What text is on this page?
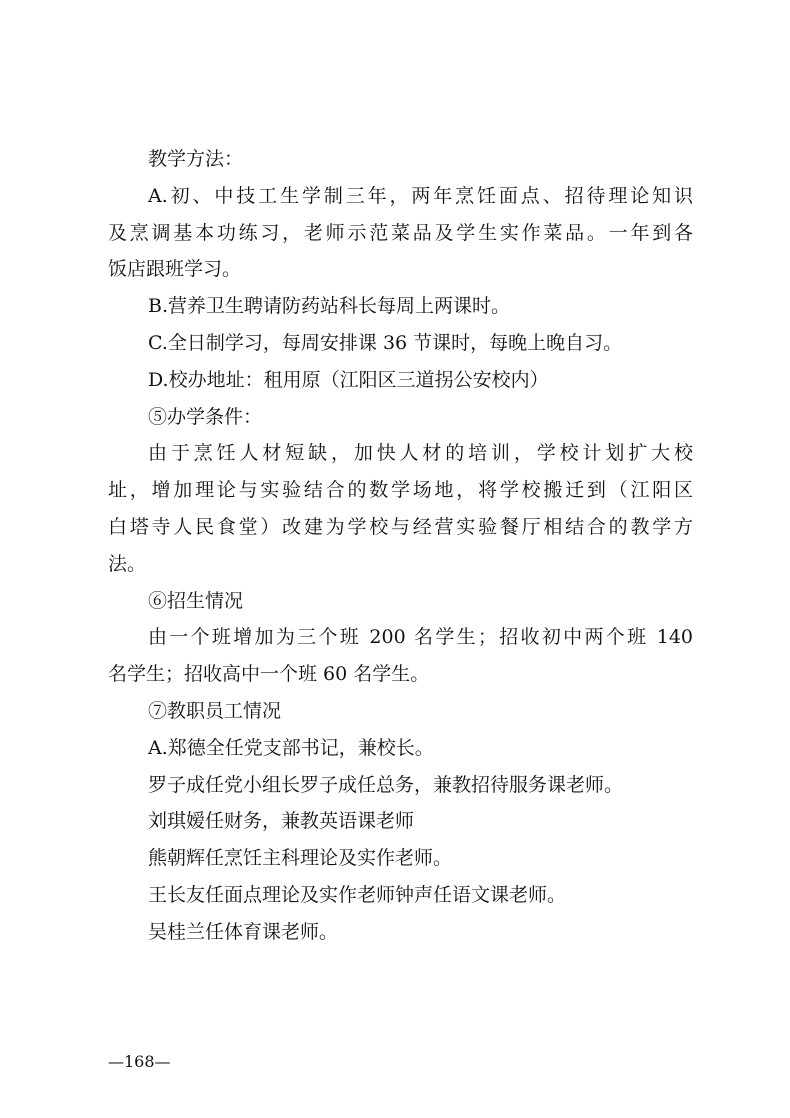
教学方法：
A.初、中技工生学制三年，两年烹饪面点、招待理论知识
及烹调基本功练习，老师示范菜品及学生实作菜品。一年到各
饭店跟班学习。
B.营养卫生聘请防药站科长每周上两课时。
C.全日制学习，每周安排课 36 节课时，每晚上晚自习。
D.校办地址：租用原（江阳区三道拐公安校内）
⑤办学条件：
由于烹饪人材短缺，加快人材的培训，学校计划扩大校
址，增加理论与实验结合的数学场地，将学校搬迁到（江阳区
白塔寺人民食堂）改建为学校与经营实验餐厅相结合的教学方
法。
⑥招生情况
由一个班增加为三个班 200 名学生；招收初中两个班 140
名学生；招收高中一个班 60 名学生。
⑦教职员工情况
A.郑德全任党支部书记，兼校长。
罗子成任党小组长罗子成任总务，兼教招待服务课老师。
刘琪嫒任财务，兼教英语课老师
熊朝辉任烹饪主科理论及实作老师。
王长友任面点理论及实作老师钟声任语文课老师。
吴桂兰任体育课老师。
—168—
